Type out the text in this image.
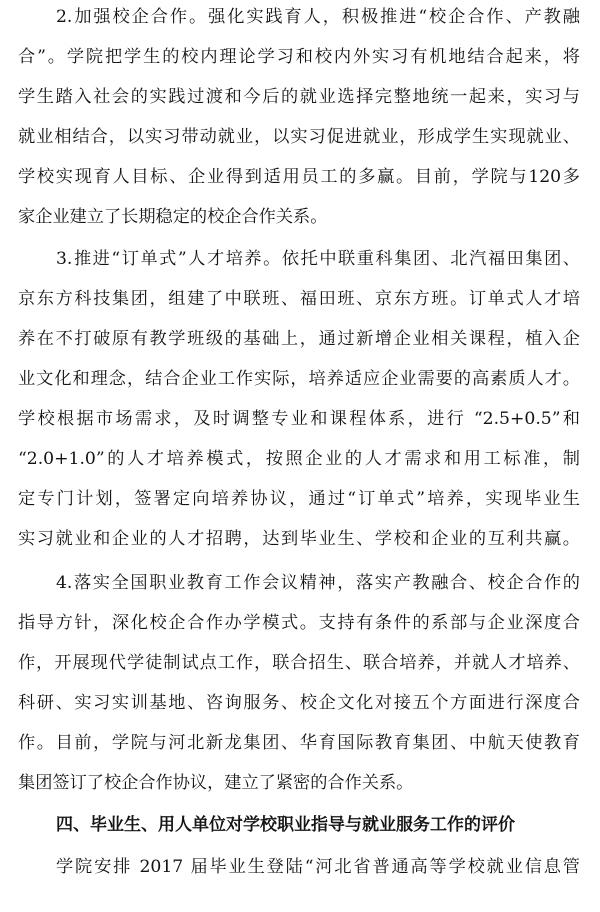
2.加强校企合作。强化实践育人，积极推进“校企合作、产教融
合”。学院把学生的校内理论学习和校内外实习有机地结合起来，将
学生踏入社会的实践过渡和今后的就业选择完整地统一起来，实习与
就业相结合，以实习带动就业，以实习促进就业，形成学生实现就业、
学校实现育人目标、企业得到适用员工的多赢。目前，学院与120多
家企业建立了长期稳定的校企合作关系。
3.推进“订单式”人才培养。依托中联重科集团、北汽福田集团、
京东方科技集团，组建了中联班、福田班、京东方班。订单式人才培
养在不打破原有教学班级的基础上，通过新增企业相关课程，植入企
业文化和理念，结合企业工作实际，培养适应企业需要的高素质人才。
学校根据市场需求，及时调整专业和课程体系，进行 “2.5+0.5”和
“2.0+1.0”的人才培养模式，按照企业的人才需求和用工标准，制
定专门计划，签署定向培养协议，通过“订单式”培养，实现毕业生
实习就业和企业的人才招聘，达到毕业生、学校和企业的互利共赢。
4.落实全国职业教育工作会议精神，落实产教融合、校企合作的
指导方针，深化校企合作办学模式。支持有条件的系部与企业深度合
作，开展现代学徒制试点工作，联合招生、联合培养，并就人才培养、
科研、实习实训基地、咨询服务、校企文化对接五个方面进行深度合
作。目前，学院与河北新龙集团、华育国际教育集团、中航天使教育
集团签订了校企合作协议，建立了紧密的合作关系。
四、毕业生、用人单位对学校职业指导与就业服务工作的评价
学院安排 2017 届毕业生登陆“河北省普通高等学校就业信息管
